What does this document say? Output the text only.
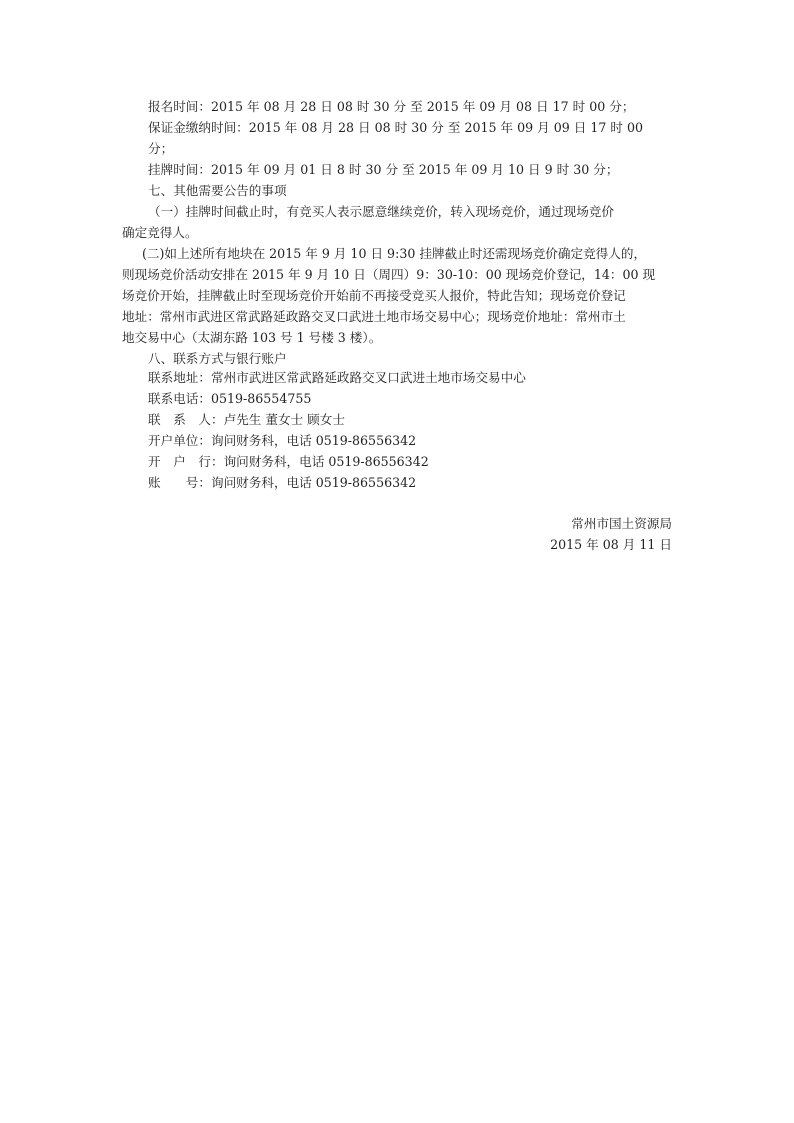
报名时间：2015 年 08 月 28 日 08 时 30 分 至 2015 年 09 月 08 日 17 时 00 分；
保证金缴纳时间：2015 年 08 月 28 日 08 时 30 分 至 2015 年 09 月 09 日 17 时 00
分；
挂牌时间：2015 年 09 月 01 日 8 时 30 分 至 2015 年 09 月 10 日 9 时 30 分；
七、其他需要公告的事项
（一）挂牌时间截止时，有竞买人表示愿意继续竞价，转入现场竞价，通过现场竞价
确定竞得人。
(二)如上述所有地块在 2015 年 9 月 10 日 9:30 挂牌截止时还需现场竞价确定竞得人的，
则现场竞价活动安排在 2015 年 9 月 10 日（周四）9：30-10：00 现场竞价登记，14：00 现
场竞价开始，挂牌截止时至现场竞价开始前不再接受竞买人报价，特此告知；现场竞价登记
地址：常州市武进区常武路延政路交叉口武进土地市场交易中心；现场竞价地址：常州市土
地交易中心（太湖东路 103 号 1 号楼 3 楼）。
八、联系方式与银行账户
联系地址：常州市武进区常武路延政路交叉口武进土地市场交易中心
联系电话：0519-86554755
联　系　人：卢先生 董女士 顾女士
开户单位：询问财务科，电话 0519-86556342
开　户　行：询问财务科，电话 0519-86556342
账　　号：询问财务科，电话 0519-86556342
常州市国土资源局
2015 年 08 月 11 日
